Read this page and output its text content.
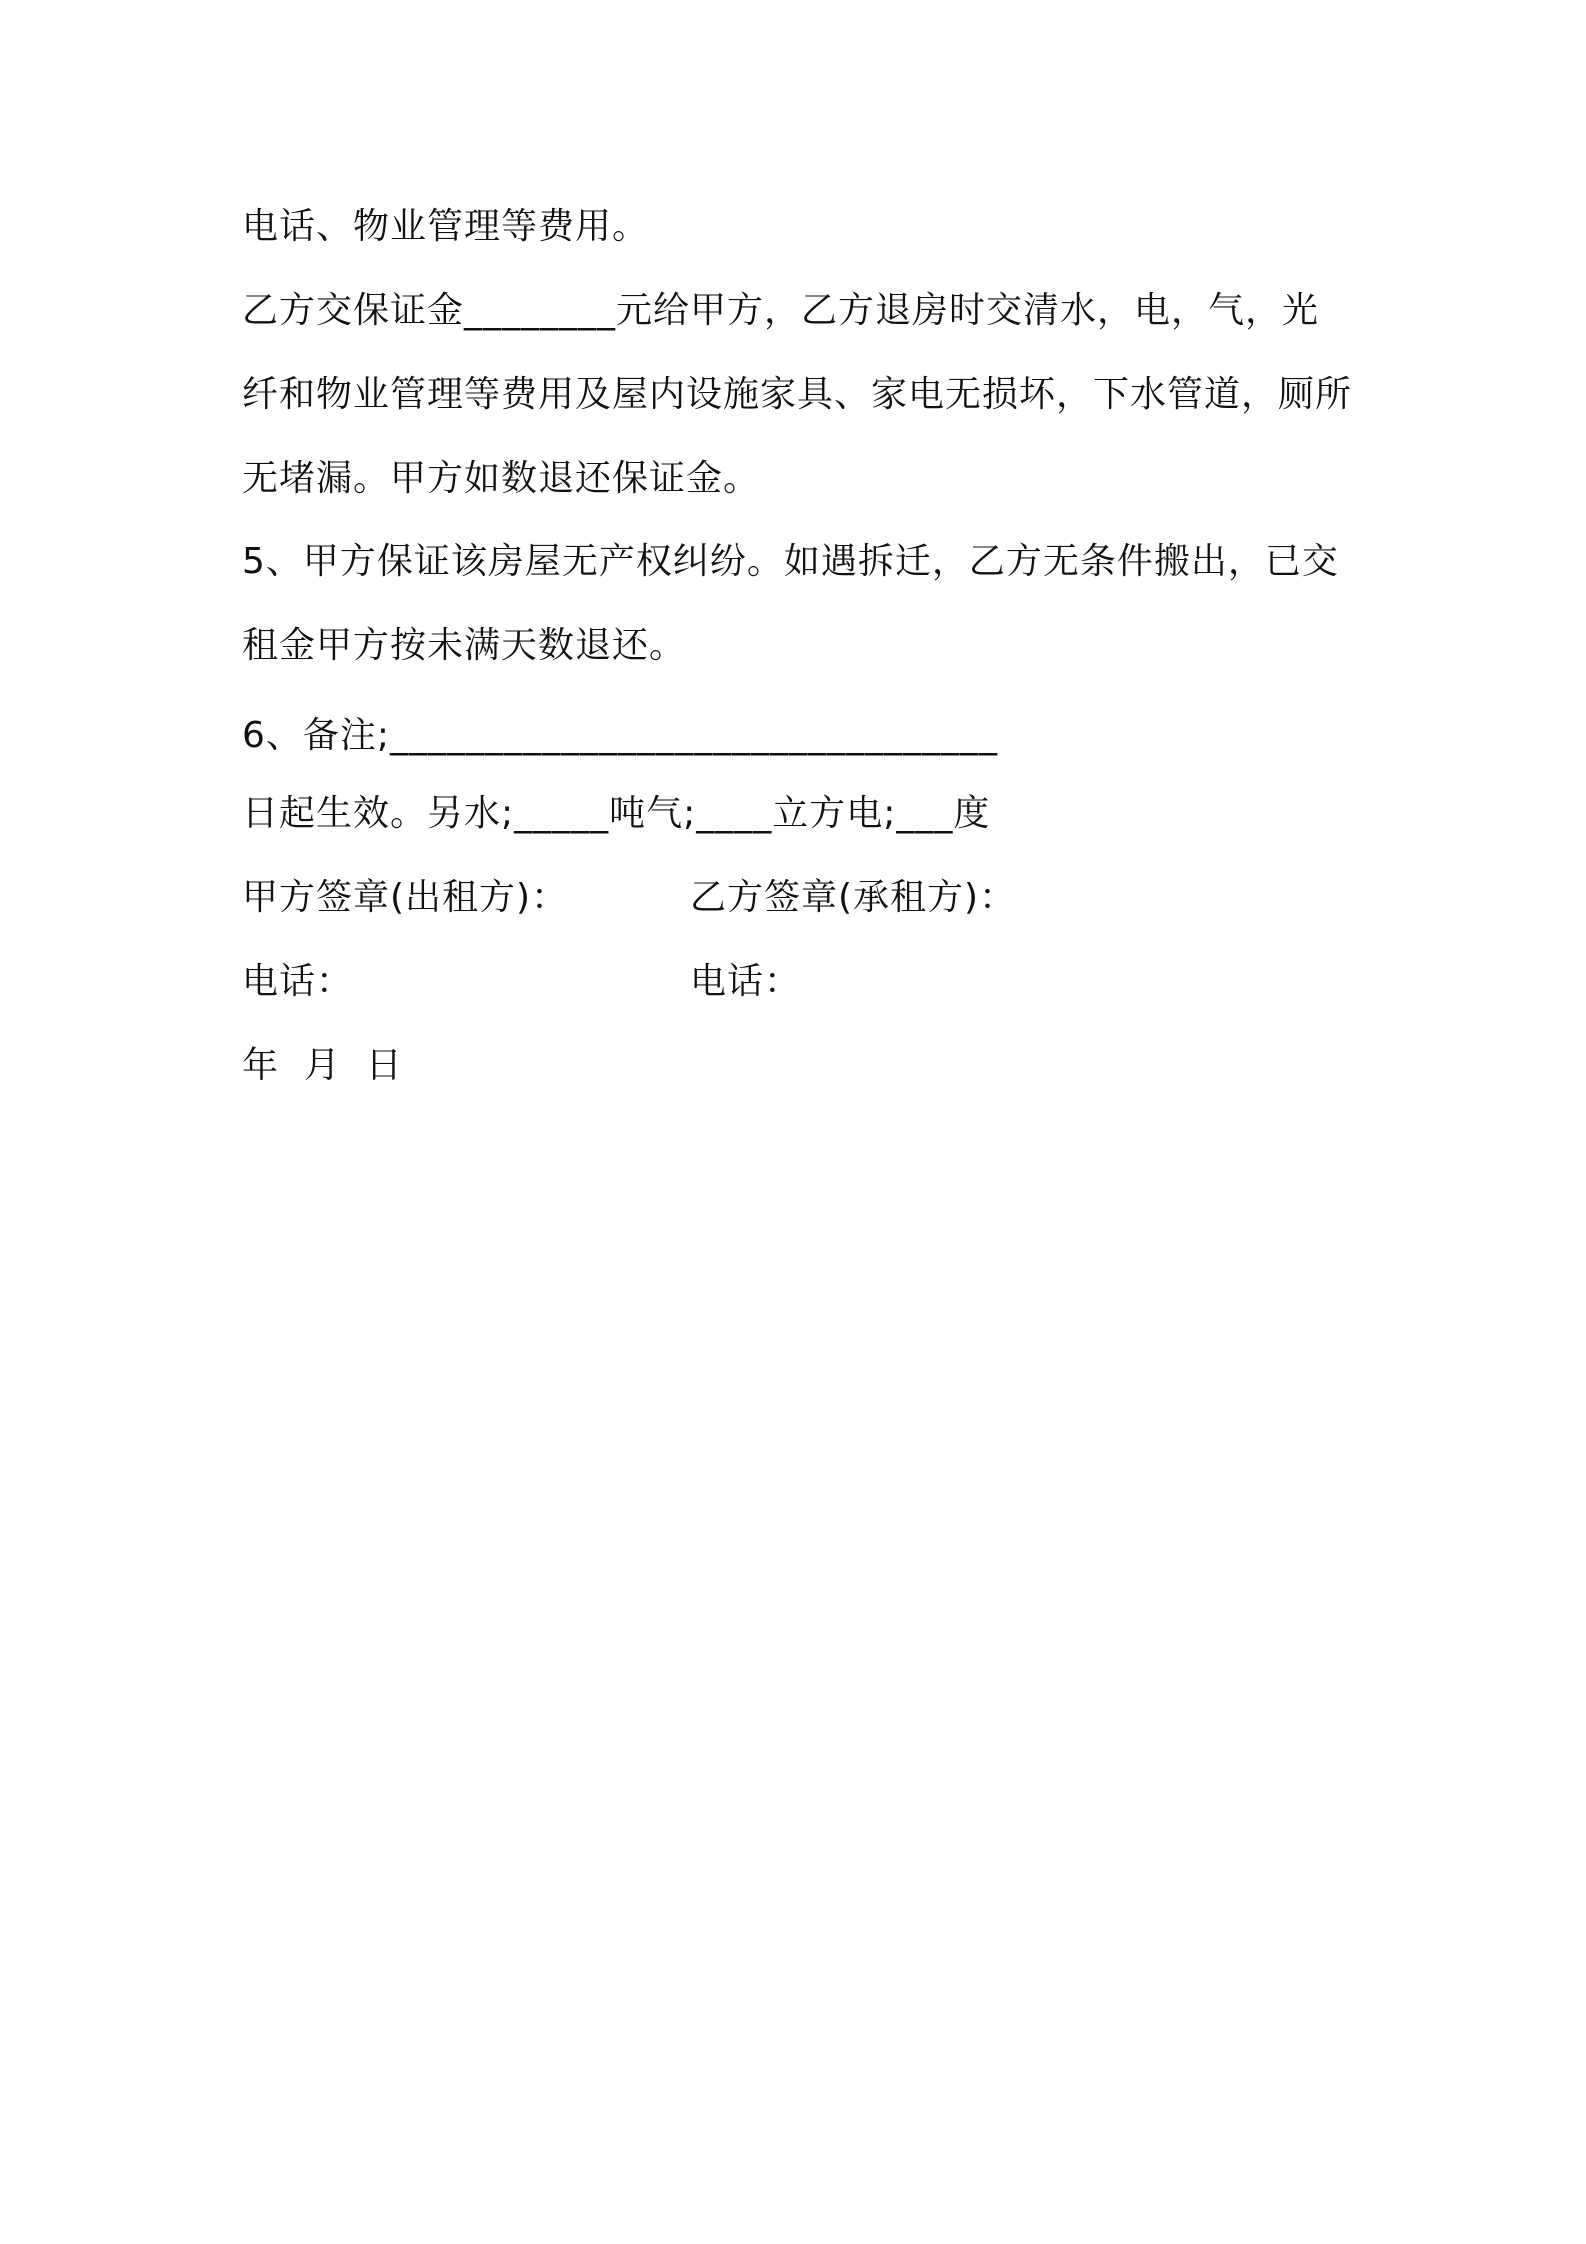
电话、物业管理等费用。
乙方交保证金________元给甲方，乙方退房时交清水，电，气，光
纤和物业管理等费用及屋内设施家具、家电无损坏，下水管道，厕所
无堵漏。甲方如数退还保证金。
5、甲方保证该房屋无产权纠纷。如遇拆迁，乙方无条件搬出，已交
租金甲方按未满天数退还。
6、备注;________________________________
日起生效。另水;_____吨气;____立方电;___度
甲方签章(出租方)：	乙方签章(承租方)：
电话：	电话：
年  月  日
